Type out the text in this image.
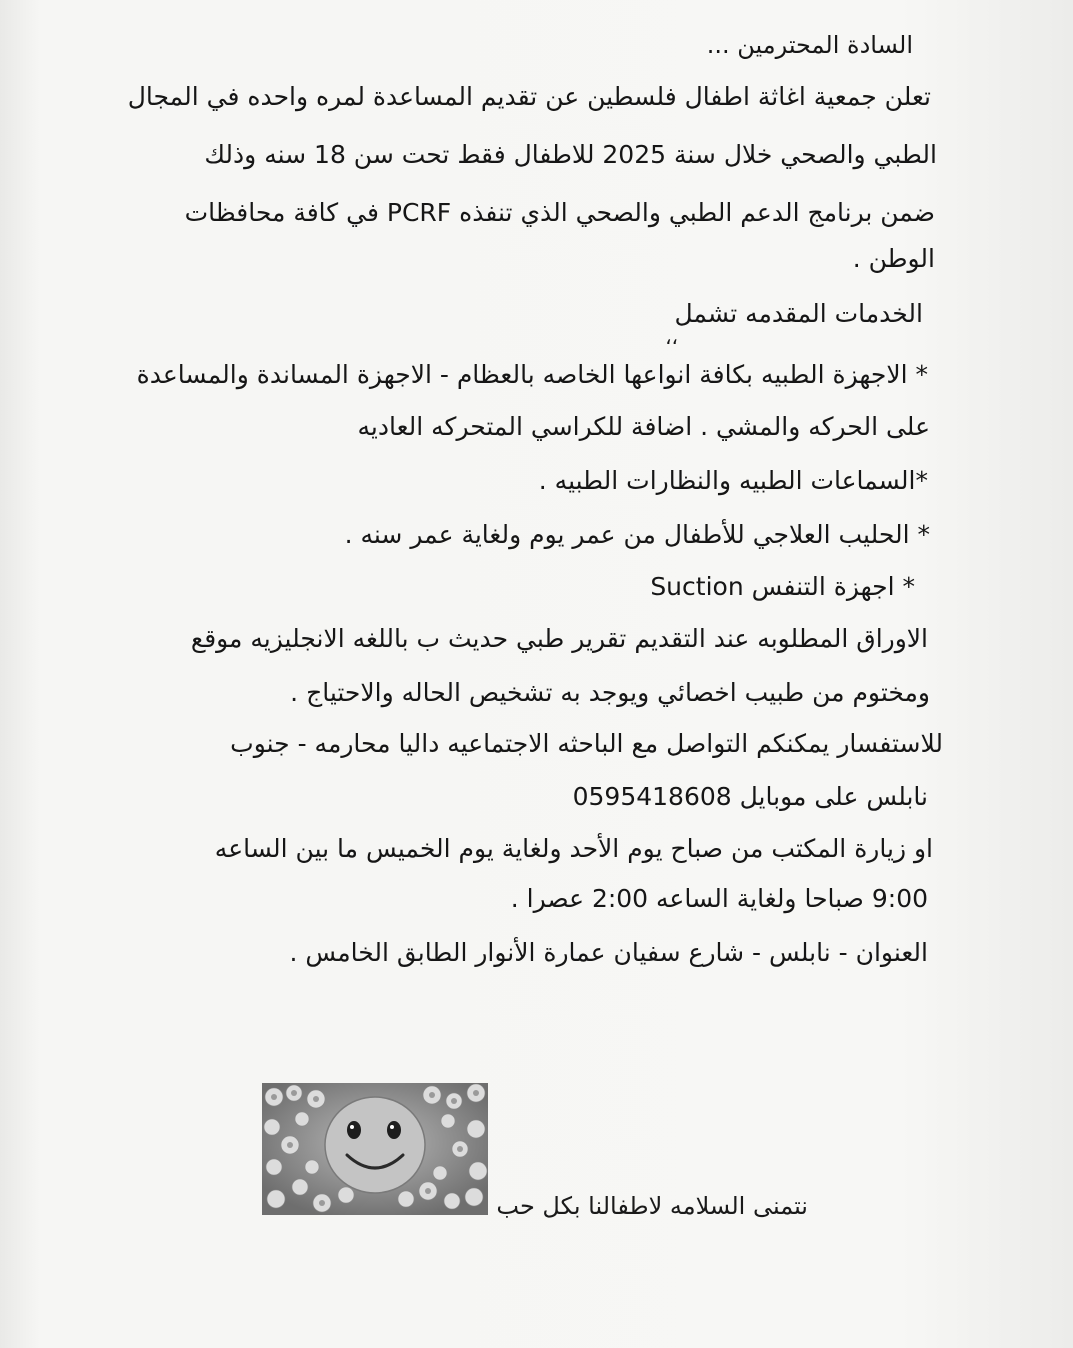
السادة المحترمين ...
تعلن جمعية اغاثة اطفال فلسطين عن تقديم المساعدة لمره واحده في المجال
الطبي والصحي خلال سنة 2025 للاطفال فقط تحت سن 18 سنه وذلك
ضمن برنامج الدعم الطبي والصحي الذي تنفذه PCRF في كافة محافظات
الوطن .
الخدمات المقدمه تشمل
،،
* الاجهزة الطبيه بكافة انواعها الخاصه بالعظام - الاجهزة المساندة والمساعدة
على الحركه والمشي . اضافة للكراسي المتحركه العاديه
*السماعات الطبيه والنظارات الطبيه .
* الحليب العلاجي للأطفال من عمر يوم ولغاية عمر سنه .
* اجهزة التنفس Suction
الاوراق المطلوبه عند التقديم تقرير طبي حديث ب باللغه الانجليزيه موقع
ومختوم من طبيب اخصائي ويوجد به تشخيص الحاله والاحتياج .
للاستفسار يمكنكم التواصل مع الباحثه الاجتماعيه داليا محارمه - جنوب
نابلس على موبايل 0595418608
او زيارة المكتب من صباح يوم الأحد ولغاية يوم الخميس ما بين الساعه
9:00 صباحا ولغاية الساعه 2:00 عصرا .
العنوان - نابلس - شارع سفيان عمارة الأنوار الطابق الخامس .
نتمنى السلامه لاطفالنا بكل حب
